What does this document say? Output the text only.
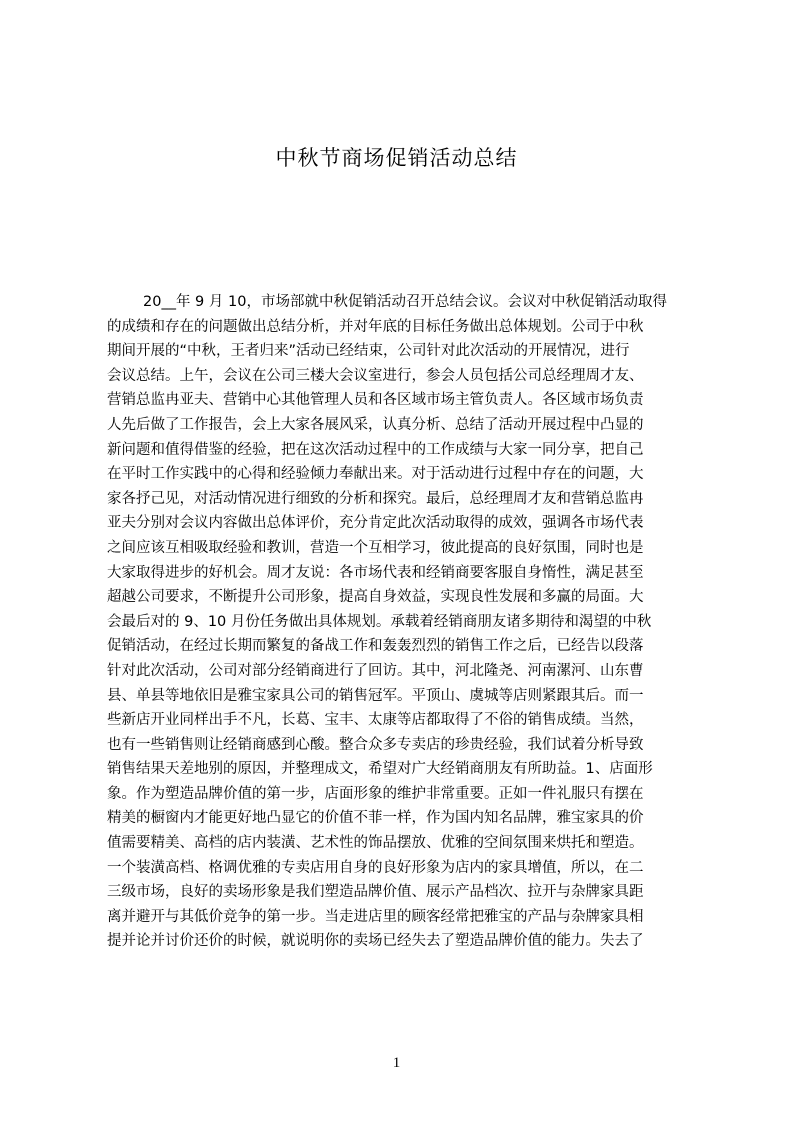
中秋节商场促销活动总结
20__年 9 月 10，市场部就中秋促销活动召开总结会议。会议对中秋促销活动取得
的成绩和存在的问题做出总结分析，并对年底的目标任务做出总体规划。公司于中秋
期间开展的“中秋，王者归来”活动已经结束，公司针对此次活动的开展情况，进行
会议总结。上午，会议在公司三楼大会议室进行，参会人员包括公司总经理周才友、
营销总监冉亚夫、营销中心其他管理人员和各区域市场主管负责人。各区域市场负责
人先后做了工作报告，会上大家各展风采，认真分析、总结了活动开展过程中凸显的
新问题和值得借鉴的经验，把在这次活动过程中的工作成绩与大家一同分享，把自己
在平时工作实践中的心得和经验倾力奉献出来。对于活动进行过程中存在的问题，大
家各抒己见，对活动情况进行细致的分析和探究。最后，总经理周才友和营销总监冉
亚夫分别对会议内容做出总体评价，充分肯定此次活动取得的成效，强调各市场代表
之间应该互相吸取经验和教训，营造一个互相学习，彼此提高的良好氛围，同时也是
大家取得进步的好机会。周才友说：各市场代表和经销商要客服自身惰性，满足甚至
超越公司要求，不断提升公司形象，提高自身效益，实现良性发展和多赢的局面。大
会最后对的 9、10 月份任务做出具体规划。承载着经销商朋友诸多期待和渴望的中秋
促销活动，在经过长期而繁复的备战工作和轰轰烈烈的销售工作之后，已经告以段落
针对此次活动，公司对部分经销商进行了回访。其中，河北隆尧、河南漯河、山东曹
县、单县等地依旧是雅宝家具公司的销售冠军。平顶山、虞城等店则紧跟其后。而一
些新店开业同样出手不凡，长葛、宝丰、太康等店都取得了不俗的销售成绩。当然，
也有一些销售则让经销商感到心酸。整合众多专卖店的珍贵经验，我们试着分析导致
销售结果天差地别的原因，并整理成文，希望对广大经销商朋友有所助益。1、店面形
象。作为塑造品牌价值的第一步，店面形象的维护非常重要。正如一件礼服只有摆在
精美的橱窗内才能更好地凸显它的价值不菲一样，作为国内知名品牌，雅宝家具的价
值需要精美、高档的店内装潢、艺术性的饰品摆放、优雅的空间氛围来烘托和塑造。
一个装潢高档、格调优雅的专卖店用自身的良好形象为店内的家具增值，所以，在二
三级市场，良好的卖场形象是我们塑造品牌价值、展示产品档次、拉开与杂牌家具距
离并避开与其低价竞争的第一步。当走进店里的顾客经常把雅宝的产品与杂牌家具相
提并论并讨价还价的时候，就说明你的卖场已经失去了塑造品牌价值的能力。失去了
1
